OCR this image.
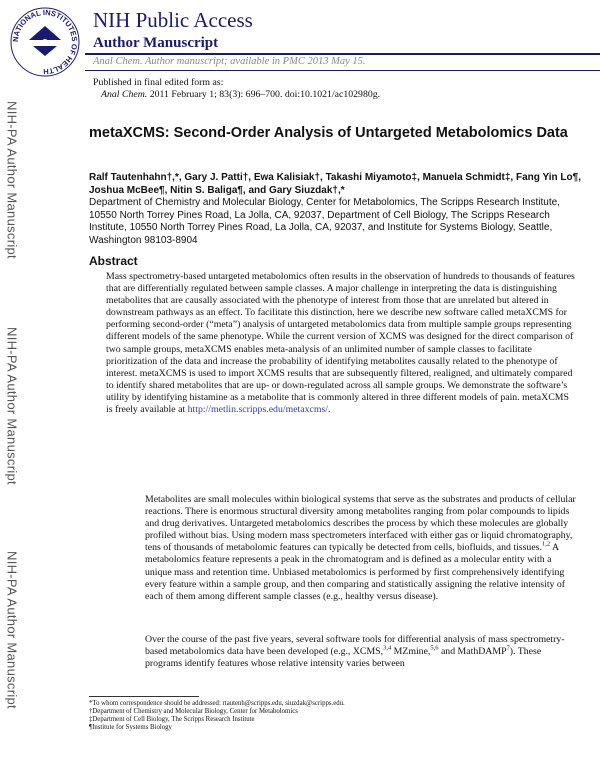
NATIONAL INSTITUTES OF HEALTH
NIH Public Access
Author Manuscript
Anal Chem. Author manuscript; available in PMC 2013 May 15.
Published in final edited form as:
Anal Chem. 2011 February 1; 83(3): 696–700. doi:10.1021/ac102980g.
NIH-PA Author Manuscript
NIH-PA Author Manuscript
NIH-PA Author Manuscript
metaXCMS: Second-Order Analysis of Untargeted Metabolomics Data
Ralf Tautenhahn†,*, Gary J. Patti†, Ewa Kalisiak†, Takashi Miyamoto‡, Manuela Schmidt‡, Fang Yin Lo¶, Joshua McBee¶, Nitin S. Baliga¶, and Gary Siuzdak†,*
Department of Chemistry and Molecular Biology, Center for Metabolomics, The Scripps Research Institute, 10550 North Torrey Pines Road, La Jolla, CA, 92037, Department of Cell Biology, The Scripps Research Institute, 10550 North Torrey Pines Road, La Jolla, CA, 92037, and Institute for Systems Biology, Seattle, Washington 98103-8904
Abstract
Mass spectrometry-based untargeted metabolomics often results in the observation of hundreds to thousands of features that are differentially regulated between sample classes. A major challenge in interpreting the data is distinguishing metabolites that are causally associated with the phenotype of interest from those that are unrelated but altered in downstream pathways as an effect. To facilitate this distinction, here we describe new software called metaXCMS for performing second-order (“meta”) analysis of untargeted metabolomics data from multiple sample groups representing different models of the same phenotype. While the current version of XCMS was designed for the direct comparison of two sample groups, metaXCMS enables meta-analysis of an unlimited number of sample classes to facilitate prioritization of the data and increase the probability of identifying metabolites causally related to the phenotype of interest. metaXCMS is used to import XCMS results that are subsequently filtered, realigned, and ultimately compared to identify shared metabolites that are up- or down-regulated across all sample groups. We demonstrate the software’s utility by identifying histamine as a metabolite that is commonly altered in three different models of pain. metaXCMS is freely available at http://metlin.scripps.edu/metaxcms/.
Metabolites are small molecules within biological systems that serve as the substrates and products of cellular reactions. There is enormous structural diversity among metabolites ranging from polar compounds to lipids and drug derivatives. Untargeted metabolomics describes the process by which these molecules are globally profiled without bias. Using modern mass spectrometers interfaced with either gas or liquid chromatography, tens of thousands of metabolomic features can typically be detected from cells, biofluids, and tissues.$^{1,2}$ A metabolomics feature represents a peak in the chromatogram and is defined as a molecular entity with a unique mass and retention time. Unbiased metabolomics is performed by first comprehensively identifying every feature within a sample group, and then comparing and statistically assigning the relative intensity of each of them among different sample classes (e.g., healthy versus disease).
Over the course of the past five years, several software tools for differential analysis of mass spectrometry-based metabolomics data have been developed (e.g., XCMS,$^{3,4}$ MZmine,$^{5,6}$ and MathDAMP$^7$). These programs identify features whose relative intensity varies between
*To whom correspondence should be addressed: rtautenh@scripps.edu, siuzdak@scripps.edu.
†Department of Chemistry and Molecular Biology, Center for Metabolomics
‡Department of Cell Biology, The Scripps Research Institute
¶Institute for Systems Biology
